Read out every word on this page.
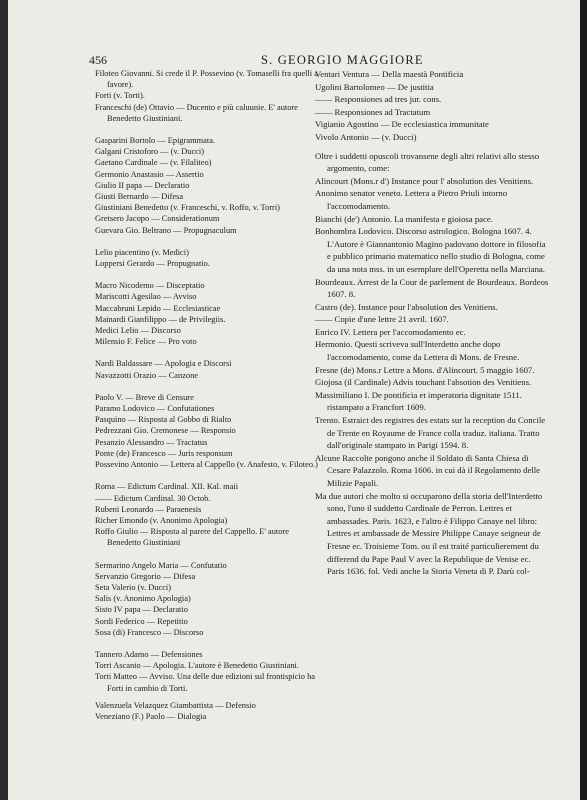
456	S. GEORGIO MAGGIORE

Filoteo Giovanni. Si crede il P. Possevino (v. Tomaselli fra quelli a favore).

Forti (v. Torti).

Franceschi (de) Ottavio — Ducento e più caluunie. E' autore Benedetto Giustiniani.

Gasparini Bortolo — Epigrammata.

Galgani Cristoforo — (v. Ducci)

Gaetano Cardinale — (v. Filaliteo)

Germonio Anastasio — Assertio

Giulio II papa — Declaratio

Giusti Bernardo — Difesa

Giustiniani Benedetto (v. Franceschi, v. Roffo, v. Torri)

Gretsero Jacopo — Considerationum

Guevara Gio. Beltrano — Propugnaculum

Lelio piacentino (v. Medici)

Loppersi Gerardo — Propugnatio.

Macro Nicodemo — Disceptatio

Mariscotti Agesilao — Avviso

Maccabruni Lepido — Ecclesiasticae

Mainardi Gianfilippo — de Privilegiis.

Medici Lelio — Discorso

Milensio F. Felice — Pro voto

Nardi Baldassare — Apologia e Discorsi

Navazzotti Orazio — Canzone

Paolo V. — Breve di Censure

Paramo Lodovico — Confutationes

Pasquino — Risposta al Gobbo di Rialto

Pedrezzani Gio. Cremonese — Responsio

Pesanzio Alessandro — Tractatus

Ponte (de) Francesco — Juris responsum

Possevino Antonio — Lettera al Cappello (v. Anafesto, v. Filoteo.)

Roma — Edictum Cardinal. XII. Kal. maii

—— Edictum Cardinal. 30 Octob.

Rubeni Leonardo — Paraenesis

Richer Emondo (v. Anonimo Apologia)

Roffo Giulio — Risposta al parere del Cappello. E' autore Benedetto Giustiniani

Sermarino Angelo Maria — Confutatio

Servanzio Gregorio — Difesa

Seta Valerio (v. Ducci)

Salis (v. Anonimo Apologia)

Sisto IV papa — Declaratio

Sordi Federico — Repetitio

Sosa (di) Francesco — Discorso

Tannero Adamo — Defensiones

Torri Ascanio — Apologia. L'autore è Benedetto Giustiniani.

Torti Matteo — Avviso. Una delle due edizioni sul frontispicio ha Forti in cambio di Torti.

Valenzuela Velazquez Giambattista — Defensio

Veneziano (F.) Paolo — Dialogia

Ventari Ventura — Della maestà Pontificia

Ugolini Bartolomeo — De justitia

—— Responsiones ad tres jur. cons.

—— Responsiones ad Tractatum

Vigianio Agostino — De ecclesiastica immunitate

Vivolo Antonio — (v. Ducci)

Oltre i suddetti opuscoli trovansene degli altri relativi allo stesso argomento, come:

Alincourt (Mons.r d') Instance pour l' absolution des Venitiens.

Anonimo senator veneto. Lettera a Pietro Priuli intorno l'accomodamento.

Bianchi (de') Antonio. La manifesta e gioiosa pace.

Bonhombra Lodovico. Discorso astrologico. Bologna 1607. 4. L'Autore è Giannantonio Magino padovano dottore in filosofia e pubblico primario matematico nello studio di Bologna, come da una nota mss. in un esemplare dell'Operetta nella Marciana.

Bourdeaux. Arrest de la Cour de parlement de Bourdeaux. Bordeos 1607. 8.

Castro (de). Instance pour l'absolution des Venitiens.

—— Copie d'une lettre 21 avril. 1607.

Enrico IV. Lettera per l'accomodamento ec.

Hermonio. Questi scriveva sull'Interdetto anche dopo l'accomodamento, come da Lettera di Mons. de Fresne.

Fresne (de) Mons.r Lettre a Mons. d'Alincourt. 5 maggio 1607.

Giojosa (il Cardinale) Advis touchant l'absotion des Venitiens.

Massimiliano I. De pontificia et imperatoria dignitate 1511. ristampato a Francfort 1609.

Trento. Estraict des registres des estats sur la reception du Concile de Trente en Royaume de France colla traduz. italiana. Tratto dall'originale stampato in Parigi 1594. 8.

Alcune Raccolte pongono anche il Soldato di Santa Chiesa di Cesare Palazzolo. Roma 1606. in cui dà il Regolamento delle Milizie Papali.

Ma due autori che molto si occuparono della storia dell'Interdetto sono, l'uno il suddetto Cardinale de Perron. Lettres et ambassades. Paris. 1623, e l'altro è Filippo Canaye nel libro: Lettres et ambassade de Messire Philippe Canaye seigneur de Fresne ec. Troisieme Tom. ou il est traité particulierement du differend du Pape Paul V avec la Republique de Venise ec. Paris 1636. fol. Vedi anche la Storia Veneta di P. Darù col-
